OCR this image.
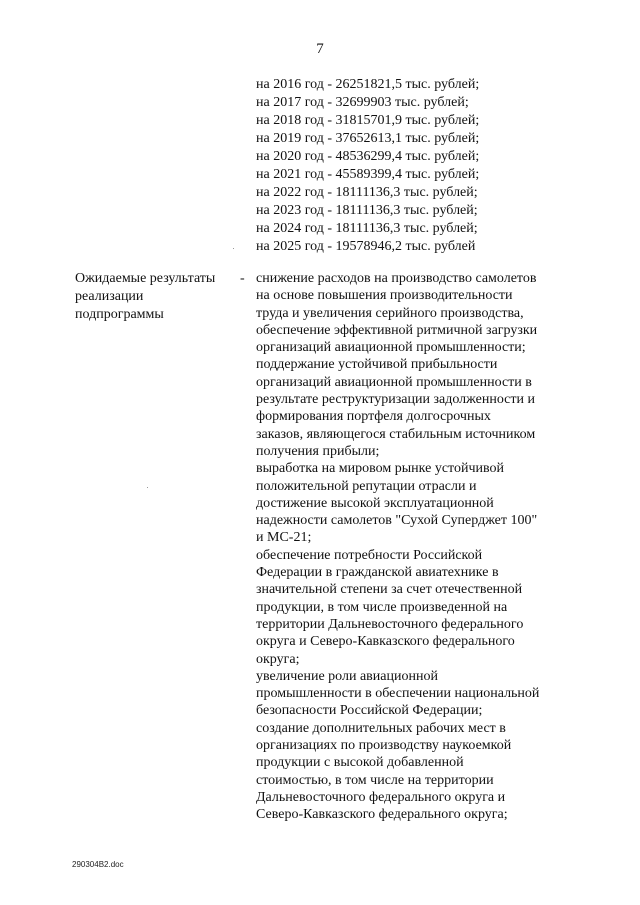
7
на 2016 год - 26251821,5 тыс. рублей;
на 2017 год - 32699903 тыс. рублей;
на 2018 год - 31815701,9 тыс. рублей;
на 2019 год - 37652613,1 тыс. рублей;
на 2020 год - 48536299,4 тыс. рублей;
на 2021 год - 45589399,4 тыс. рублей;
на 2022 год - 18111136,3 тыс. рублей;
на 2023 год - 18111136,3 тыс. рублей;
на 2024 год - 18111136,3 тыс. рублей;
на 2025 год - 19578946,2 тыс. рублей
Ожидаемые результаты
реализации
подпрограммы
- снижение расходов на производство самолетов
на основе повышения производительности
труда и увеличения серийного производства,
обеспечение эффективной ритмичной загрузки
организаций авиационной промышленности;
поддержание устойчивой прибыльности
организаций авиационной промышленности в
результате реструктуризации задолженности и
формирования портфеля долгосрочных
заказов, являющегося стабильным источником
получения прибыли;
выработка на мировом рынке устойчивой
положительной репутации отрасли и
достижение высокой эксплуатационной
надежности самолетов "Сухой Суперджет 100"
и МС-21;
обеспечение потребности Российской
Федерации в гражданской авиатехнике в
значительной степени за счет отечественной
продукции, в том числе произведенной на
территории Дальневосточного федерального
округа и Северо-Кавказского федерального
округа;
увеличение роли авиационной
промышленности в обеспечении национальной
безопасности Российской Федерации;
создание дополнительных рабочих мест в
организациях по производству наукоемкой
продукции с высокой добавленной
стоимостью, в том числе на территории
Дальневосточного федерального округа и
Северо-Кавказского федерального округа;
290304B2.doc
